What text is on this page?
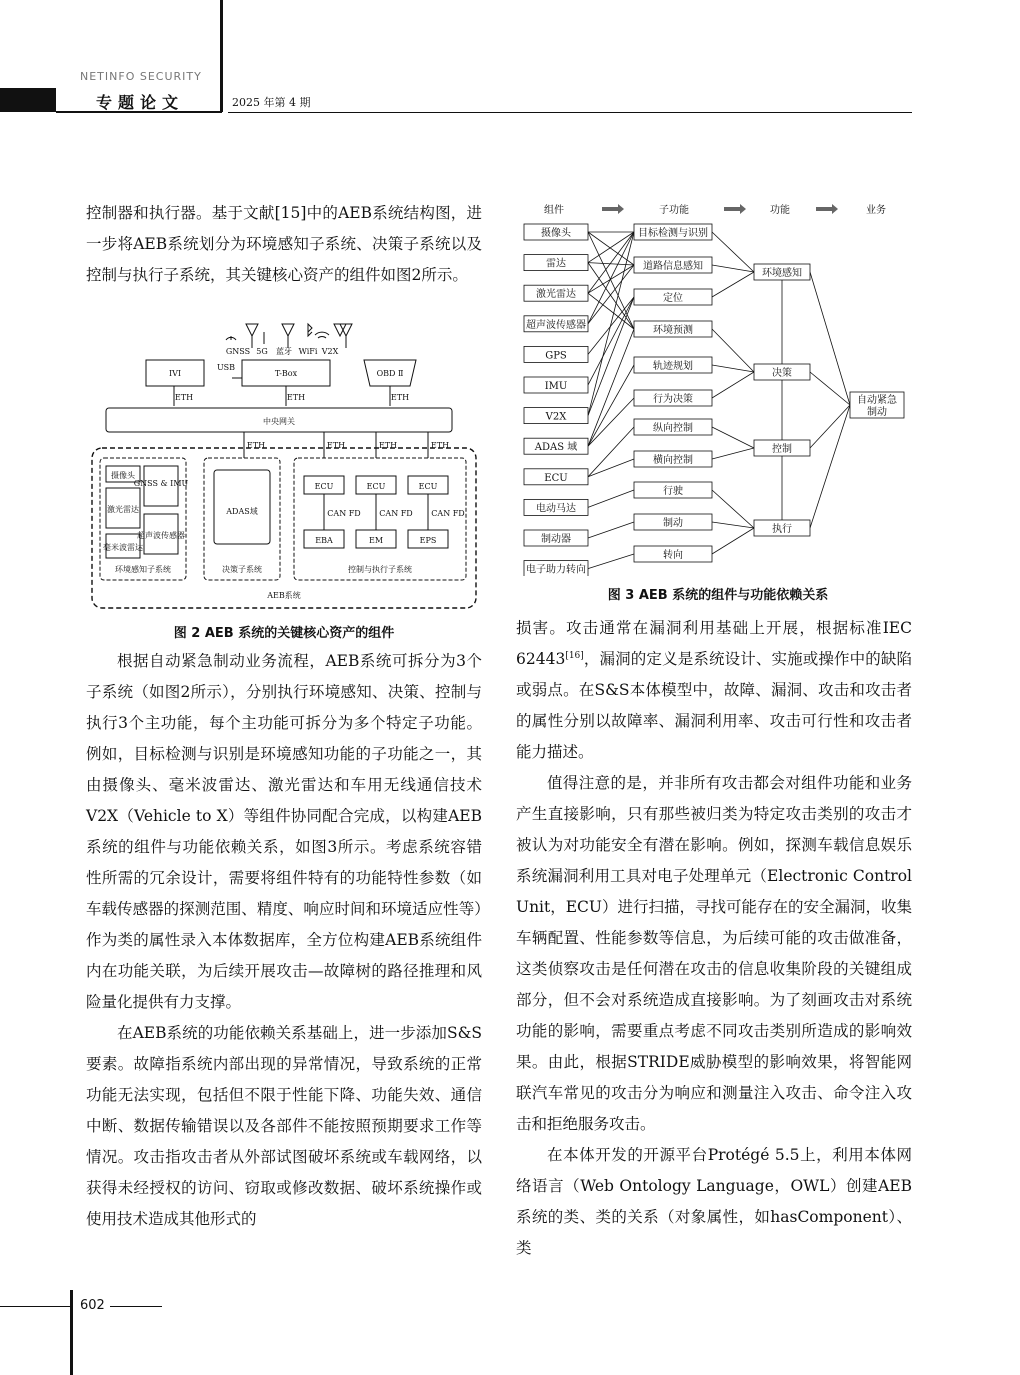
NETINFO SECURITY
专题论文	2025 年第 4 期

控制器和执行器。基于文献[15]中的AEB系统结构图，进一步将AEB系统划分为环境感知子系统、决策子系统以及控制与执行子系统，其关键核心资产的组件如图2所示。

GNSS 5G 蓝牙 WiFi V2X
IVI
USB
T-Box	OBD Ⅱ
ETH	ETH	ETH
中央网关
ETH	ETH	ETH	ETH
摄像头
GNSS & IMU
激光雷达
超声波传感器
毫米波雷达
环境感知子系统
ADAS域
决策子系统
ECU	ECU	ECU
CAN FD CAN FD CAN FD
EBA	EM	EPS
控制与执行子系统
AEB系统
图 2 AEB 系统的关键核心资产的组件

根据自动紧急制动业务流程，AEB系统可拆分为3个子系统（如图2所示），分别执行环境感知、决策、控制与执行3个主功能，每个主功能可拆分为多个特定子功能。例如，目标检测与识别是环境感知功能的子功能之一，其由摄像头、毫米波雷达、激光雷达和车用无线通信技术V2X（Vehicle to X）等组件协同配合完成，以构建AEB系统的组件与功能依赖关系，如图3所示。考虑系统容错性所需的冗余设计，需要将组件特有的功能特性参数（如车载传感器的探测范围、精度、响应时间和环境适应性等）作为类的属性录入本体数据库，全方位构建AEB系统组件内在功能关联，为后续开展攻击—故障树的路径推理和风险量化提供有力支撑。

在AEB系统的功能依赖关系基础上，进一步添加S&S要素。故障指系统内部出现的异常情况，导致系统的正常功能无法实现，包括但不限于性能下降、功能失效、通信中断、数据传输错误以及各部件不能按照预期要求工作等情况。攻击指攻击者从外部试图破坏系统或车载网络，以获得未经授权的访问、窃取或修改数据、破坏系统操作或使用技术造成其他形式的

组件	子功能	功能	业务
摄像头
雷达
激光雷达
超声波传感器
GPS
IMU
V2X
ADAS 域
ECU
电动马达
制动器
电子助力转向
目标检测与识别
道路信息感知
定位
环境预测
轨迹规划
行为决策
纵向控制
横向控制
行驶
制动
转向
环境感知
决策
控制
执行
自动紧急
制动
图 3 AEB 系统的组件与功能依赖关系

损害。攻击通常在漏洞利用基础上开展，根据标准IEC 62443[16]，漏洞的定义是系统设计、实施或操作中的缺陷或弱点。在S&S本体模型中，故障、漏洞、攻击和攻击者的属性分别以故障率、漏洞利用率、攻击可行性和攻击者能力描述。

值得注意的是，并非所有攻击都会对组件功能和业务产生直接影响，只有那些被归类为特定攻击类别的攻击才被认为对功能安全有潜在影响。例如，探测车载信息娱乐系统漏洞利用工具对电子处理单元（Electronic Control Unit，ECU）进行扫描，寻找可能存在的安全漏洞，收集车辆配置、性能参数等信息，为后续可能的攻击做准备，这类侦察攻击是任何潜在攻击的信息收集阶段的关键组成部分，但不会对系统造成直接影响。为了刻画攻击对系统功能的影响，需要重点考虑不同攻击类别所造成的影响效果。由此，根据STRIDE威胁模型的影响效果，将智能网联汽车常见的攻击分为响应和测量注入攻击、命令注入攻击和拒绝服务攻击。

在本体开发的开源平台Protégé 5.5上，利用本体网络语言（Web Ontology Language，OWL）创建AEB系统的类、类的关系（对象属性，如hasComponent）、类

602
